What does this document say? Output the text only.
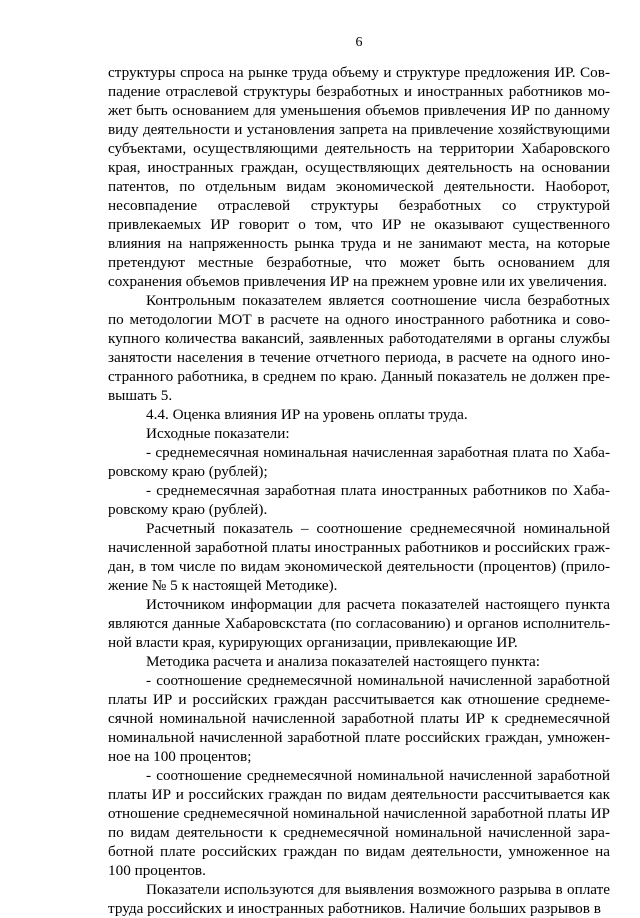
6

структуры спроса на рынке труда объему и структуре предложения ИР. Совпадение отраслевой структуры безработных и иностранных работников может быть основанием для уменьшения объемов привлечения ИР по данному виду деятельности и установления запрета на привлечение хозяйствующими субъектами, осуществляющими деятельность на территории Хабаровского края, иностранных граждан, осуществляющих деятельность на основании патентов, по отдельным видам экономической деятельности. Наоборот, несовпадение отраслевой структуры безработных со структурой привлекаемых ИР говорит о том, что ИР не оказывают существенного влияния на напряженность рынка труда и не занимают места, на которые претендуют местные безработные, что может быть основанием для сохранения объемов привлечения ИР на прежнем уровне или их увеличения.

Контрольным показателем является соотношение числа безработных по методологии МОТ в расчете на одного иностранного работника и совокупного количества вакансий, заявленных работодателями в органы службы занятости населения в течение отчетного периода, в расчете на одного иностранного работника, в среднем по краю. Данный показатель не должен превышать 5.

4.4. Оценка влияния ИР на уровень оплаты труда.

Исходные показатели:

- среднемесячная номинальная начисленная заработная плата по Хабаровскому краю (рублей);

- среднемесячная заработная плата иностранных работников по Хабаровскому краю (рублей).

Расчетный показатель – соотношение среднемесячной номинальной начисленной заработной платы иностранных работников и российских граждан, в том числе по видам экономической деятельности (процентов) (приложение № 5 к настоящей Методике).

Источником информации для расчета показателей настоящего пункта являются данные Хабаровскстата (по согласованию) и органов исполнительной власти края, курирующих организации, привлекающие ИР.

Методика расчета и анализа показателей настоящего пункта:

- соотношение среднемесячной номинальной начисленной заработной платы ИР и российских граждан рассчитывается как отношение среднемесячной номинальной начисленной заработной платы ИР к среднемесячной номинальной начисленной заработной плате российских граждан, умноженное на 100 процентов;

- соотношение среднемесячной номинальной начисленной заработной платы ИР и российских граждан по видам деятельности рассчитывается как отношение среднемесячной номинальной начисленной заработной платы ИР по видам деятельности к среднемесячной номинальной начисленной заработной плате российских граждан по видам деятельности, умноженное на 100 процентов.

Показатели используются для выявления возможного разрыва в оплате труда российских и иностранных работников. Наличие больших разрывов в
